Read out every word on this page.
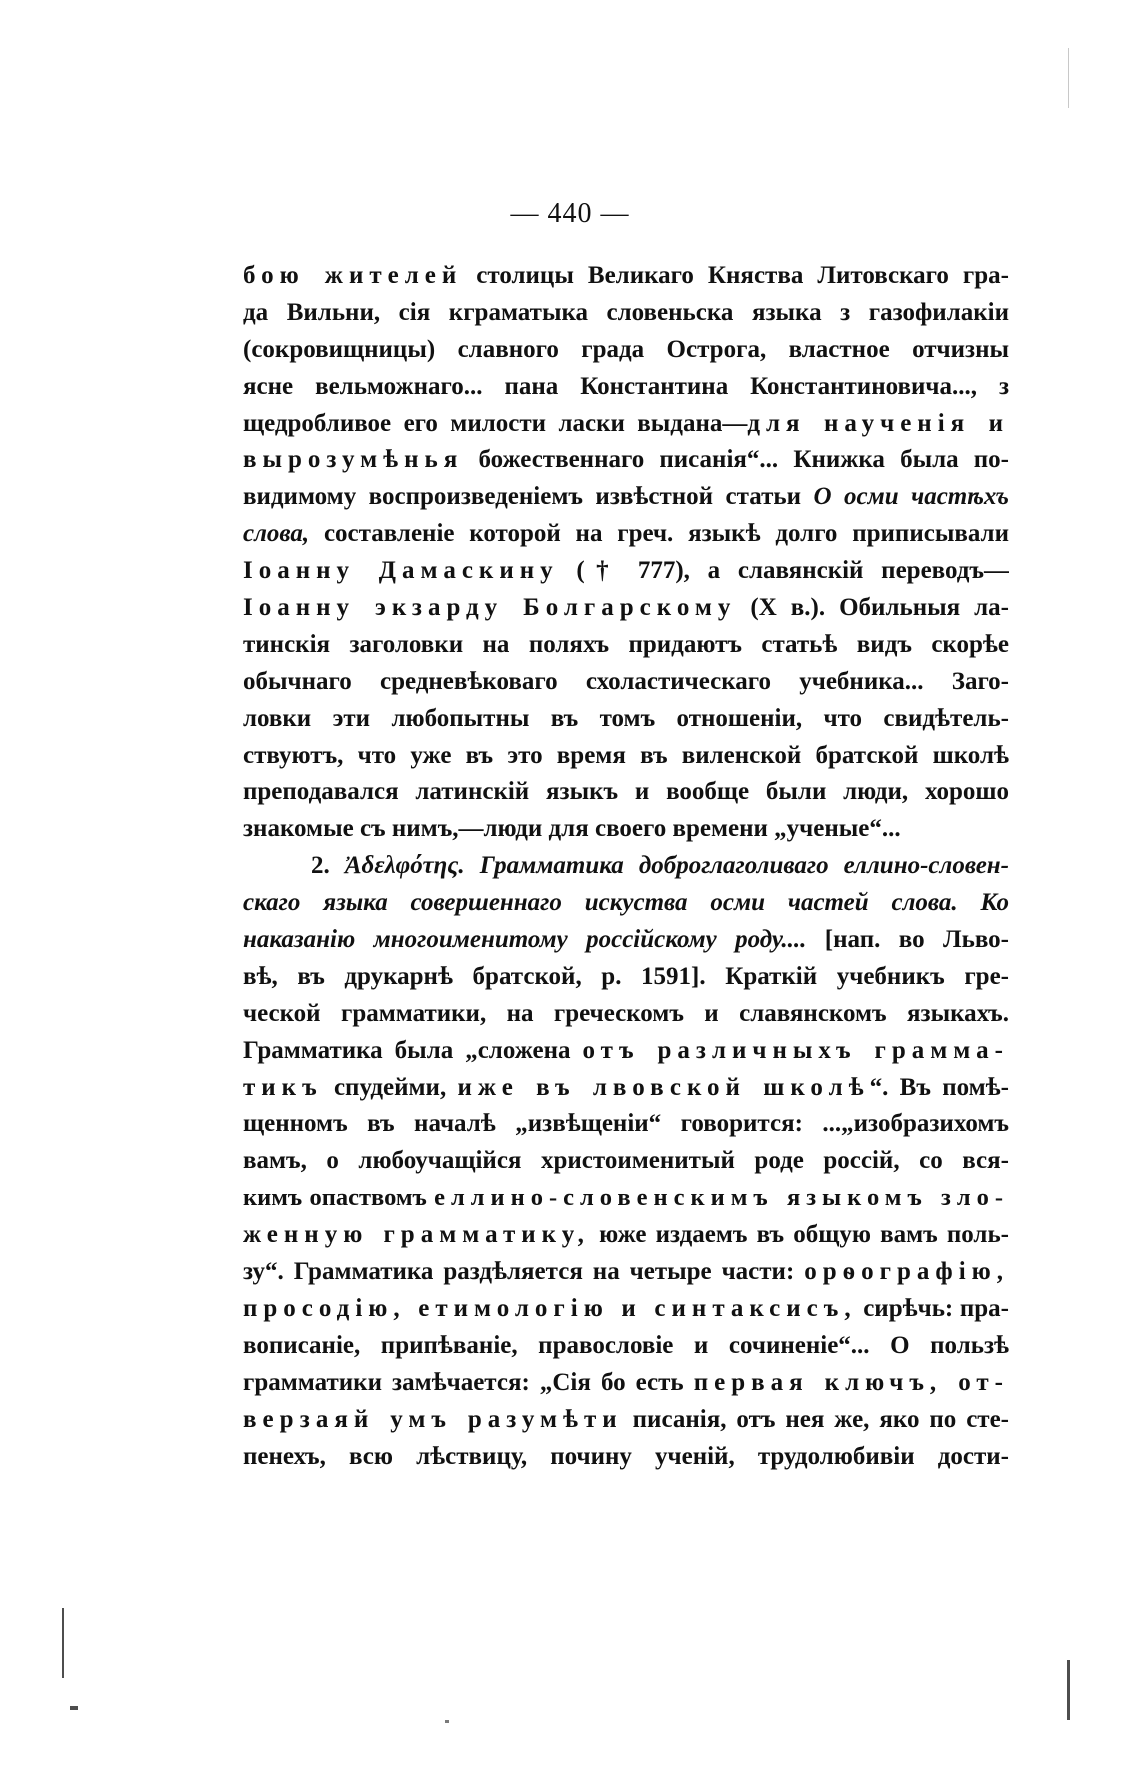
— 440 —
бою жителей столицы Великаго Княства Литовскаго гра-
да Вильни, сія кграматыка словеньска языка з газофилакіи
(сокровищницы) славного града Острога, властное отчизны
ясне вельможнаго... пана Константина Константиновича..., з
щедробливое его милости ласки выдана—для наученія и
вырозумѣнья божественнаго писанія“... Книжка была по-
видимому воспроизведеніемъ извѣстной статьи О осми частѣхъ
слова, составленіе которой на греч. языкѣ долго приписывали
Іоанну Дамаскину († 777), а славянскій переводъ—
Іоанну экзарду Болгарскому (X в.). Обильныя ла-
тинскія заголовки на поляхъ придаютъ статьѣ видъ скорѣе
обычнаго средневѣковаго схоластическаго учебника... Заго-
ловки эти любопытны въ томъ отношеніи, что свидѣтель-
ствуютъ, что уже въ это время въ виленской братской школѣ
преподавался латинскій языкъ и вообще были люди, хорошо
знакомые съ нимъ,—люди для своего времени „ученые“...
2. Ἀδελφότης. Грамматика доброглаголиваго еллино-словен-
скаго языка совершеннаго искуства осми частей слова. Ко
наказанію многоименитому россійскому роду.... [нап. во Льво-
вѣ, въ друкарнѣ братской, р. 1591]. Краткій учебникъ гре-
ческой грамматики, на греческомъ и славянскомъ языкахъ.
Грамматика была „сложена отъ различныхъ грамма-
тикъ спудейми, иже въ лвовской школѣ“. Въ помѣ-
щенномъ въ началѣ „извѣщеніи“ говорится: ...„изобразихомъ
вамъ, о любоучащійся христоименитый роде россій, со вся-
кимъ опаствомъ еллино-словенскимъ языкомъ зло-
женную грамматику, юже издаемъ въ общую вамъ поль-
зу“. Грамматика раздѣляется на четыре части: орѳографію,
просодію, етимологію и синтаксисъ, сирѣчь: пра-
вописаніе, припѣваніе, правословіе и сочиненіе“... О пользѣ
грамматики замѣчается: „Сія бо есть первая ключъ, от-
верзаяй умъ разумѣти писанія, отъ нея же, яко по сте-
пенехъ, всю лѣствицу, почину ученій, трудолюбивіи дости-
